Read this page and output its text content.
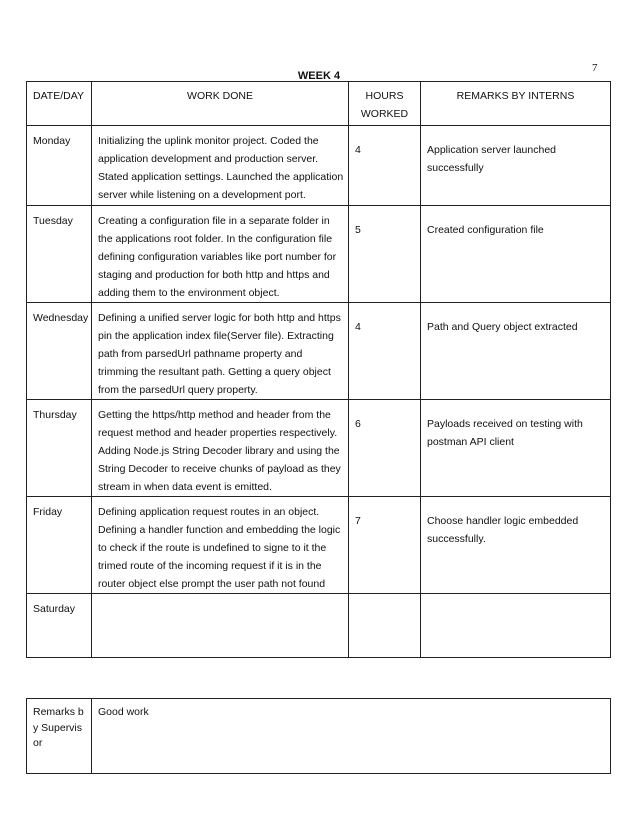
7
WEEK 4
DATE/DAY	WORK DONE	HOURS WORKED	REMARKS BY INTERNS
Monday	Initializing the uplink monitor project. Coded the application development and production server. Stated application settings. Launched the application server while listening on a development port.	4	Application server launched successfully
Tuesday	Creating a configuration file in a separate folder in the applications root folder. In the configuration file defining configuration variables like port number for staging and production for both http and https and adding them to the environment object.	5	Created configuration file
Wednesday	Defining a unified server logic for both http and https pin the application index file(Server file). Extracting path from parsedUrl pathname property and trimming the resultant path. Getting a query object from the parsedUrl query property.	4	Path and Query object extracted
Thursday	Getting the https/http method and header from the request method and header properties respectively. Adding Node.js String Decoder library and using the String Decoder to receive chunks of payload as they stream in when data event is emitted.	6	Payloads received on testing with postman API client
Friday	Defining application request routes in an object. Defining a handler function and embedding the logic to check if the route is undefined to signe to it the trimed route of the incoming request if it is in the router object else prompt the user path not found	7	Choose handler logic embedded successfully.
Saturday			
Remarks by Supervisor	Good work
